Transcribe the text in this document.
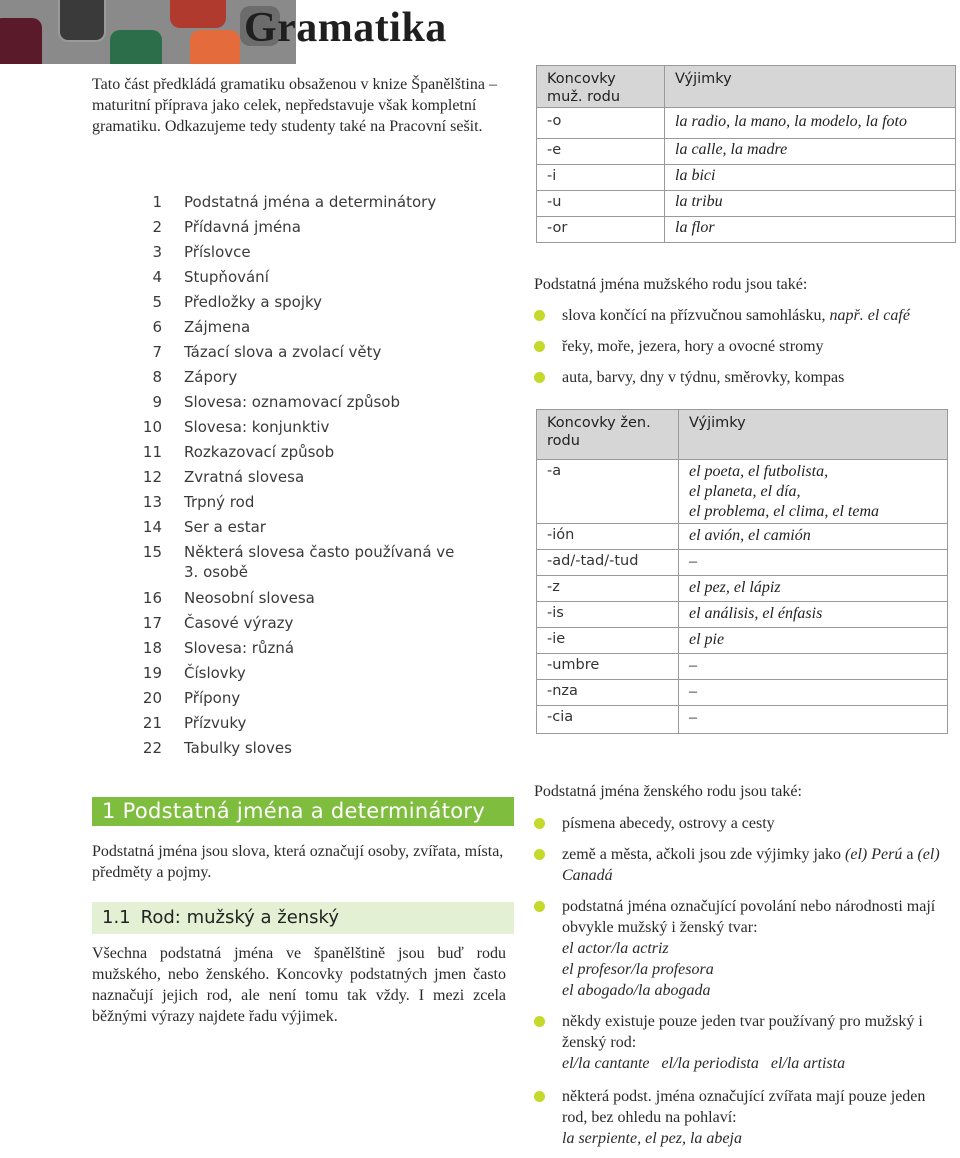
Gramatika

Tato část předkládá gramatiku obsaženou v knize Španělština – maturitní příprava jako celek, nepředstavuje však kompletní gramatiku. Odkazujeme tedy studenty také na Pracovní sešit.

1 Podstatná jména a determinátory
2 Přídavná jména
3 Příslovce
4 Stupňování
5 Předložky a spojky
6 Zájmena
7 Tázací slova a zvolací věty
8 Zápory
9 Slovesa: oznamovací způsob
10 Slovesa: konjunktiv
11 Rozkazovací způsob
12 Zvratná slovesa
13 Trpný rod
14 Ser a estar
15 Některá slovesa často používaná ve 3. osobě
16 Neosobní slovesa
17 Časové výrazy
18 Slovesa: různá
19 Číslovky
20 Přípony
21 Přízvuky
22 Tabulky sloves
1 Podstatná jména a determinátory

Podstatná jména jsou slova, která označují osoby, zvířata, místa, předměty a pojmy.

1.1 Rod: mužský a ženský

Všechna podstatná jména ve španělštině jsou buď rodu mužského, nebo ženského. Koncovky podstatných jmen často naznačují jejich rod, ale není tomu tak vždy. I mezi zcela běžnými výrazy najdete řadu výjimek.

Koncovky muž. rodu	Výjimky
-o	la radio, la mano, la modelo, la foto
-e	la calle, la madre
-i	la bici
-u	la tribu
-or	la flor

Podstatná jména mužského rodu jsou také:

slova končící na přízvučnou samohlásku, např. el café
řeky, moře, jezera, hory a ovocné stromy
auta, barvy, dny v týdnu, směrovky, kompas
Koncovky žen. rodu	Výjimky
-a	el poeta, el futbolista,
el planeta, el día,
el problema, el clima, el tema

-ión	el avión, el camión

-ad/-tad/-tud	–

-z	el pez, el lápiz

-is	el análisis, el énfasis

-ie	el pie

-umbre	–

-nza	–

-cia	–

Podstatná jména ženského rodu jsou také:

písmena abecedy, ostrovy a cesty
země a města, ačkoli jsou zde výjimky jako (el) Perú a (el) Canadá
podstatná jména označující povolání nebo národnosti mají obvykle mužský i ženský tvar:
el actor/la actriz
el profesor/la profesora
el abogado/la abogada
někdy existuje pouze jeden tvar používaný pro mužský i ženský rod:
el/la cantante   el/la periodista   el/la artista
některá podst. jména označující zvířata mají pouze jeden rod, bez ohledu na pohlaví:
la serpiente, el pez, la abeja
